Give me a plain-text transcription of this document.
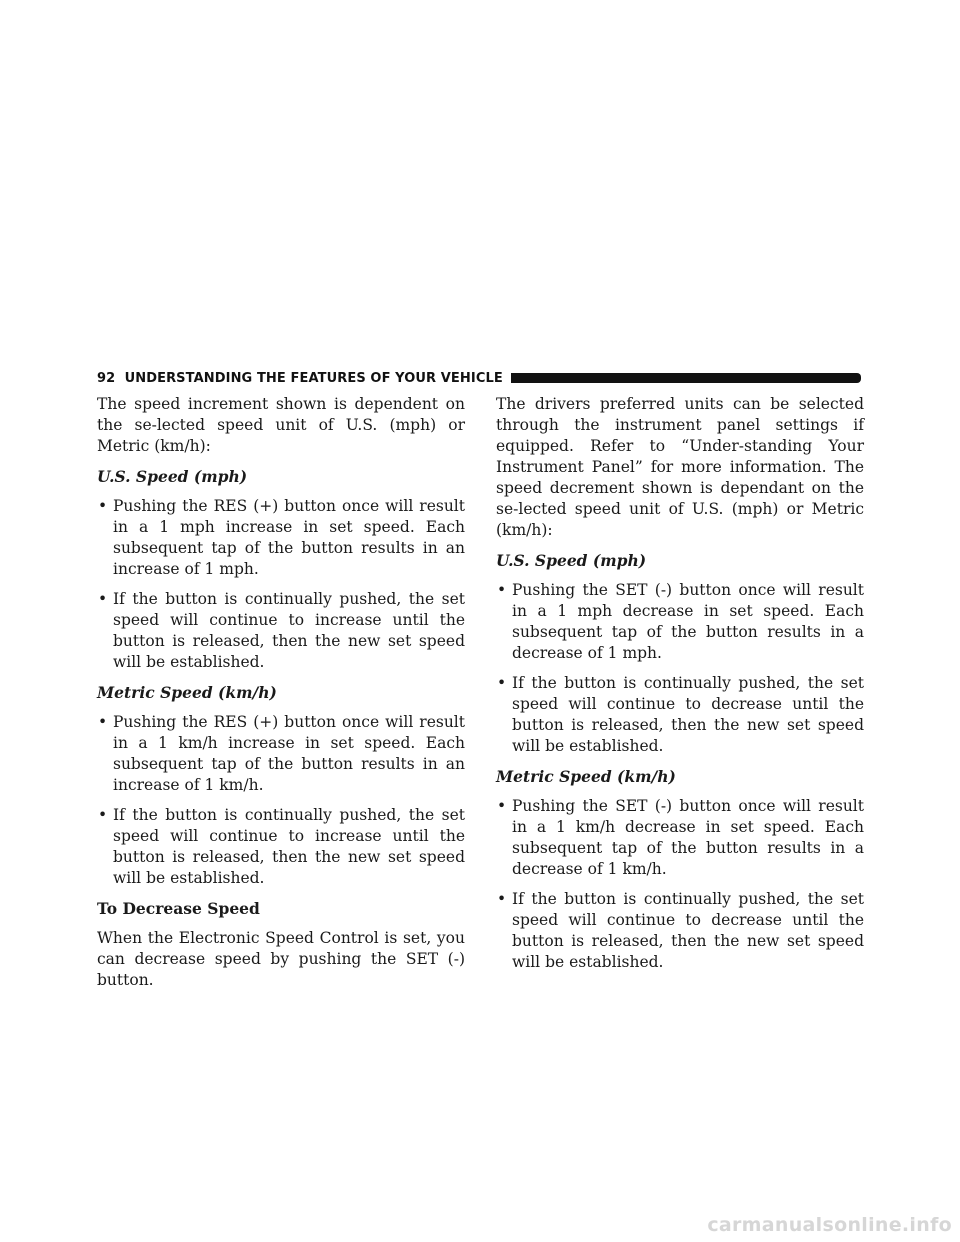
92 UNDERSTANDING THE FEATURES OF YOUR VEHICLE

The speed increment shown is dependent on the se-lected speed unit of U.S. (mph) or Metric (km/h):

U.S. Speed (mph)
• Pushing the RES (+) button once will result in a 1 mph increase in set speed. Each subsequent tap of the button results in an increase of 1 mph.
• If the button is continually pushed, the set speed will continue to increase until the button is released, then the new set speed will be established.
Metric Speed (km/h)
• Pushing the RES (+) button once will result in a 1 km/h increase in set speed. Each subsequent tap of the button results in an increase of 1 km/h.
• If the button is continually pushed, the set speed will continue to increase until the button is released, then the new set speed will be established.
To Decrease Speed

When the Electronic Speed Control is set, you can decrease speed by pushing the SET (-) button.

The drivers preferred units can be selected through the instrument panel settings if equipped. Refer to “Under-standing Your Instrument Panel” for more information. The speed decrement shown is dependant on the se-lected speed unit of U.S. (mph) or Metric (km/h):

U.S. Speed (mph)
• Pushing the SET (-) button once will result in a 1 mph decrease in set speed. Each subsequent tap of the button results in a decrease of 1 mph.
• If the button is continually pushed, the set speed will continue to decrease until the button is released, then the new set speed will be established.
Metric Speed (km/h)
• Pushing the SET (-) button once will result in a 1 km/h decrease in set speed. Each subsequent tap of the button results in a decrease of 1 km/h.
• If the button is continually pushed, the set speed will continue to decrease until the button is released, then the new set speed will be established.
carmanualsonline.info
